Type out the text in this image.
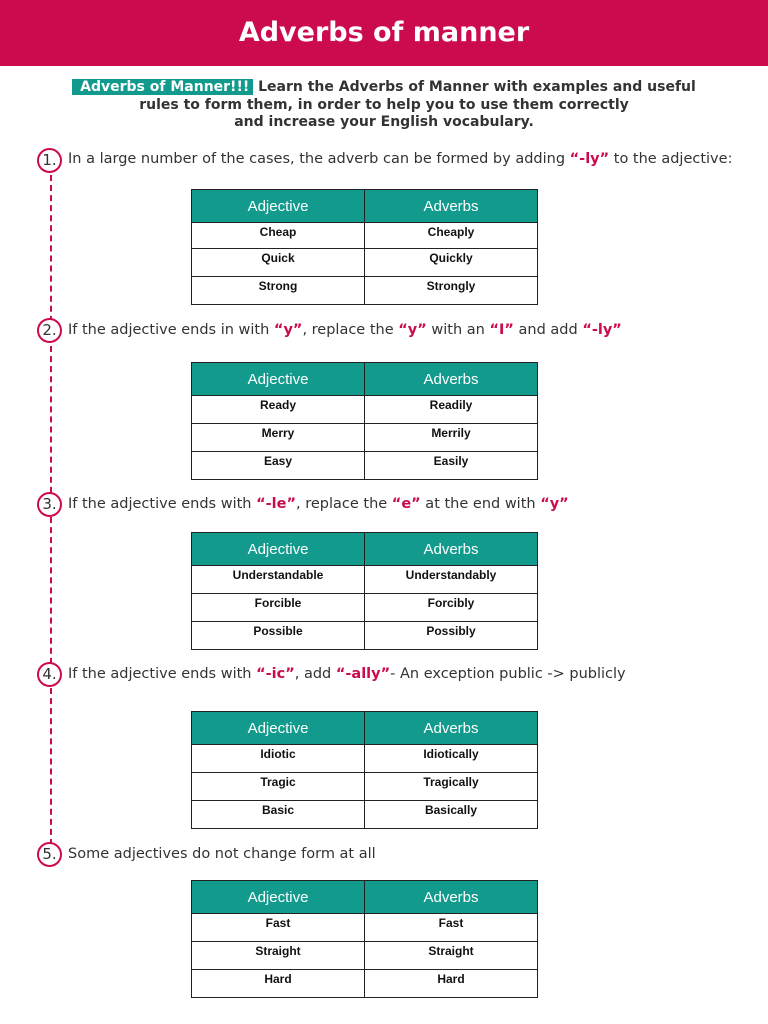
Adverbs of manner
Adverbs of Manner!!! Learn the Adverbs of Manner with examples and useful
rules to form them, in order to help you to use them correctly
and increase your English vocabulary.
1. In a large number of the cases, the adverb can be formed by adding “-ly” to the adjective:
Adjective	Adverbs
Cheap	Cheaply
Quick	Quickly
Strong	Strongly
2. If the adjective ends in with “y”, replace the “y” with an “I” and add “-ly”
Adjective	Adverbs
Ready	Readily
Merry	Merrily
Easy	Easily
3. If the adjective ends with “-le”, replace the “e” at the end with “y”
Adjective	Adverbs
Understandable	Understandably
Forcible	Forcibly
Possible	Possibly
4. If the adjective ends with “-ic”, add “-ally”- An exception public -> publicly
Adjective	Adverbs
Idiotic	Idiotically
Tragic	Tragically
Basic	Basically
5. Some adjectives do not change form at all
Adjective	Adverbs
Fast	Fast
Straight	Straight
Hard	Hard
